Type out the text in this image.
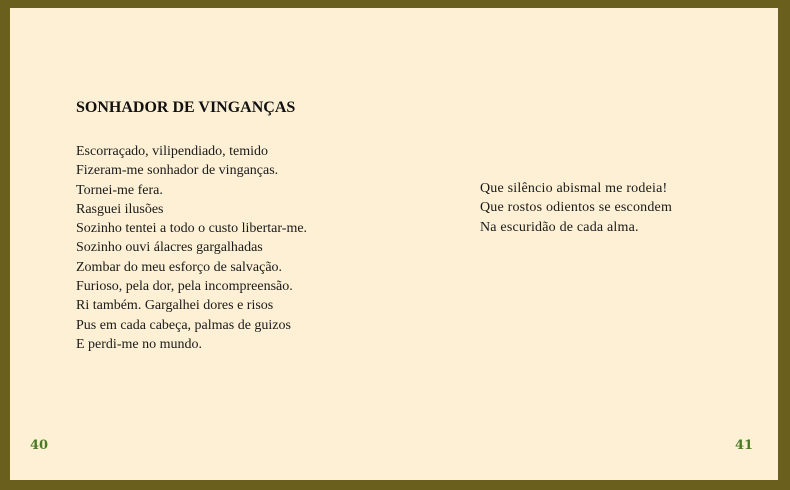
SONHADOR DE VINGANÇAS
Escorraçado, vilipendiado, temido
Fizeram-me sonhador de vinganças.
Tornei-me fera.
Rasguei ilusões
Sozinho tentei a todo o custo libertar-me.
Sozinho ouvi álacres gargalhadas
Zombar do meu esforço de salvação.
Furioso, pela dor, pela incompreensão.
Ri também. Gargalhei dores e risos
Pus em cada cabeça, palmas de guizos
E perdi-me no mundo.
Que silêncio abismal me rodeia!
Que rostos odientos se escondem
Na escuridão de cada alma.
40	41
